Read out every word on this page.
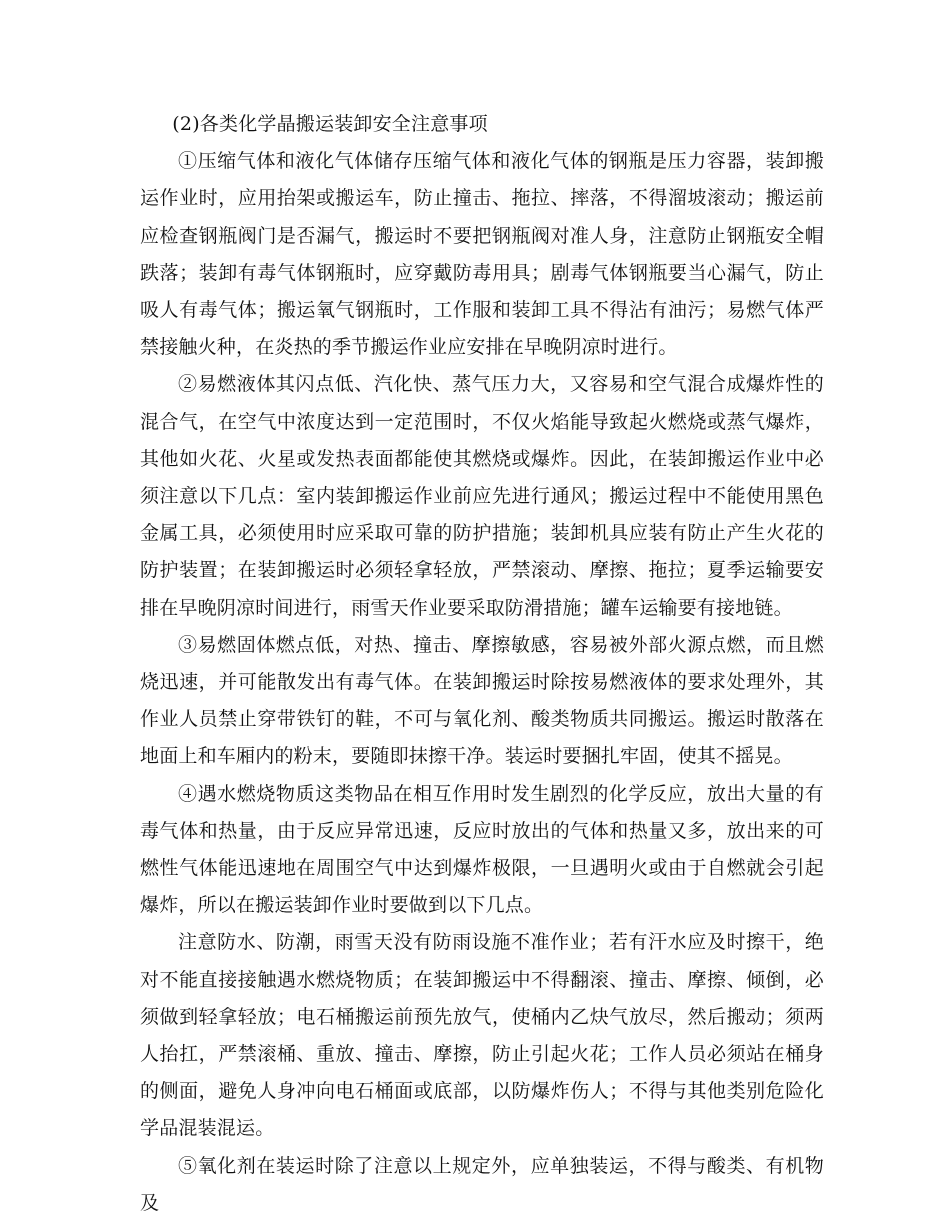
(2)各类化学晶搬运装卸安全注意事项

①压缩气体和液化气体储存压缩气体和液化气体的钢瓶是压力容器，装卸搬运作业时，应用抬架或搬运车，防止撞击、拖拉、摔落，不得溜坡滚动；搬运前应检查钢瓶阀门是否漏气，搬运时不要把钢瓶阀对准人身，注意防止钢瓶安全帽跌落；装卸有毒气体钢瓶时，应穿戴防毒用具；剧毒气体钢瓶要当心漏气，防止吸人有毒气体；搬运氧气钢瓶时，工作服和装卸工具不得沾有油污；易燃气体严禁接触火种，在炎热的季节搬运作业应安排在早晚阴凉时进行。

②易燃液体其闪点低、汽化快、蒸气压力大，又容易和空气混合成爆炸性的混合气，在空气中浓度达到一定范围时，不仅火焰能导致起火燃烧或蒸气爆炸，其他如火花、火星或发热表面都能使其燃烧或爆炸。因此，在装卸搬运作业中必须注意以下几点：室内装卸搬运作业前应先进行通风；搬运过程中不能使用黑色金属工具，必须使用时应采取可靠的防护措施；装卸机具应装有防止产生火花的防护装置；在装卸搬运时必须轻拿轻放，严禁滚动、摩擦、拖拉；夏季运输要安排在早晚阴凉时间进行，雨雪天作业要采取防滑措施；罐车运输要有接地链。

③易燃固体燃点低，对热、撞击、摩擦敏感，容易被外部火源点燃，而且燃烧迅速，并可能散发出有毒气体。在装卸搬运时除按易燃液体的要求处理外，其作业人员禁止穿带铁钉的鞋，不可与氧化剂、酸类物质共同搬运。搬运时散落在地面上和车厢内的粉末，要随即抹擦干净。装运时要捆扎牢固，使其不摇晃。

④遇水燃烧物质这类物品在相互作用时发生剧烈的化学反应，放出大量的有毒气体和热量，由于反应异常迅速，反应时放出的气体和热量又多，放出来的可燃性气体能迅速地在周围空气中达到爆炸极限，一旦遇明火或由于自燃就会引起爆炸，所以在搬运装卸作业时要做到以下几点。

注意防水、防潮，雨雪天没有防雨设施不准作业；若有汗水应及时擦干，绝对不能直接接触遇水燃烧物质；在装卸搬运中不得翻滚、撞击、摩擦、倾倒，必须做到轻拿轻放；电石桶搬运前预先放气，使桶内乙炔气放尽，然后搬动；须两人抬扛，严禁滚桶、重放、撞击、摩擦，防止引起火花；工作人员必须站在桶身的侧面，避免人身冲向电石桶面或底部，以防爆炸伤人；不得与其他类别危险化学品混装混运。

⑤氧化剂在装运时除了注意以上规定外，应单独装运，不得与酸类、有机物及
